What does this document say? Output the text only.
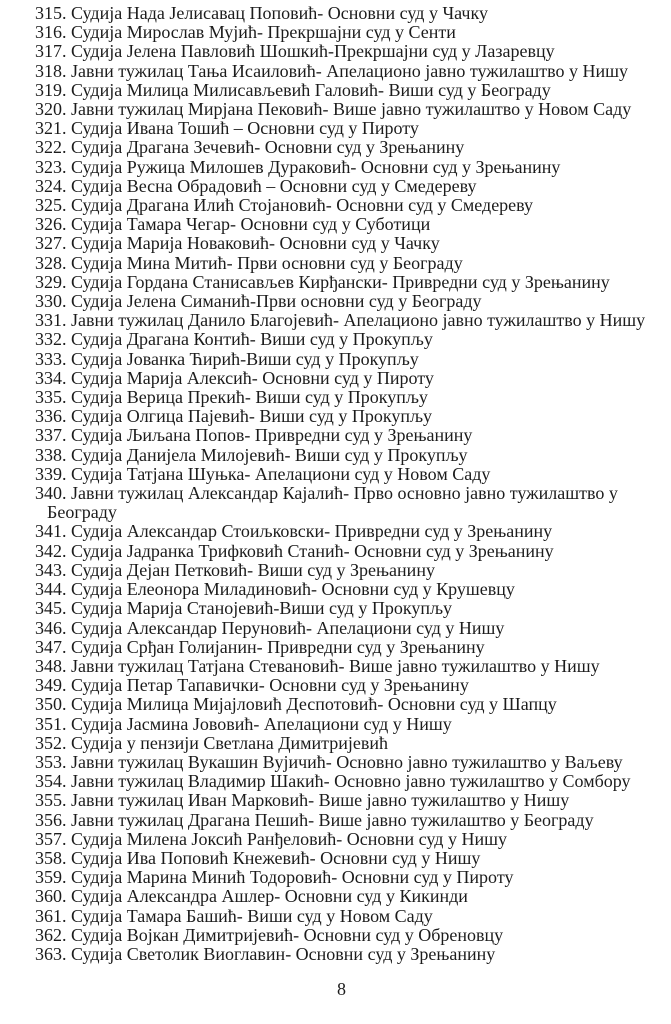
315. Судија Нада Јелисавац Поповић- Основни суд у Чачку
316. Судија Мирослав Мујић- Прекршајни суд у Сенти
317. Судија Јелена Павловић Шошкић-Прекршајни суд у Лазаревцу
318. Јавни тужилац Тања Исаиловић- Апелационо јавно тужилаштво у Нишу
319. Судија Милица Милисављевић Галовић- Виши суд у Београду
320. Јавни тужилац Мирјана Пековић- Више јавно тужилаштво у Новом Саду
321. Судија Ивана Тошић – Основни суд у Пироту
322. Судија Драгана Зечевић- Основни суд у Зрењанину
323. Судија Ружица Милошев Дураковић- Основни суд у Зрењанину
324. Судија Весна Обрадовић – Основни суд у Смедереву
325. Судија Драгана Илић Стојановић- Основни суд у Смедереву
326. Судија Тамара Чегар- Основни суд у Суботици
327. Судија Марија Новаковић- Основни суд у Чачку
328. Судија Мина Митић- Први основни суд у Београду
329. Судија Гордана Станисављев Кирђански- Привредни суд у Зрењанину
330. Судија Јелена Симанић-Први основни суд у Београду
331. Јавни тужилац Данило Благојевић- Апелационо јавно тужилаштво у Нишу
332. Судија Драгана Контић- Виши суд у Прокупљу
333. Судија Јованка Ћирић-Виши суд у Прокупљу
334. Судија Марија Алексић- Основни суд у Пироту
335. Судија Верица Прекић- Виши суд у Прокупљу
336. Судија Олгица Пајевић- Виши суд у Прокупљу
337. Судија Љиљана Попов- Привредни суд у Зрењанину
338. Судија Данијела Милојевић- Виши суд у Прокупљу
339. Судија Татјана Шуњка- Апелациони суд у Новом Саду
340. Јавни тужилац Александар Кајалић- Прво основно јавно тужилаштво у
Београду
341. Судија Александар Стоиљковски- Привредни суд у Зрењанину
342. Судија Јадранка Трифковић Станић- Основни суд у Зрењанину
343. Судија Дејан Петковић- Виши суд у Зрењанину
344. Судија Елеонора Миладиновић- Основни суд у Крушевцу
345. Судија Марија Станојевић-Виши суд у Прокупљу
346. Судија Александар Перуновић- Апелациони суд у Нишу
347. Судија Срђан Голијанин- Привредни суд у Зрењанину
348. Јавни тужилац Татјана Стевановић- Више јавно тужилаштво у Нишу
349. Судија Петар Тапавички- Основни суд у Зрењанину
350. Судија Милица Мијајловић Деспотовић- Основни суд у Шапцу
351. Судија Јасмина Јововић- Апелациони суд у Нишу
352. Судија у пензији Светлана Димитријевић
353. Јавни тужилац Вукашин Вујичић- Основно јавно тужилаштво у Ваљеву
354. Јавни тужилац Владимир Шакић- Основно јавно тужилаштво у Сомбору
355. Јавни тужилац Иван Марковић- Више јавно тужилаштво у Нишу
356. Јавни тужилац Драгана Пешић- Више јавно тужилаштво у Београду
357. Судија Милена Јоксић Ранђеловић- Основни суд у Нишу
358. Судија Ива Поповић Кнежевић- Основни суд у Нишу
359. Судија Марина Минић Тодоровић- Основни суд у Пироту
360. Судија Александра Ашлер- Основни суд у Кикинди
361. Судија Тамара Башић- Виши суд у Новом Саду
362. Судија Војкан Димитријевић- Основни суд у Обреновцу
363. Судија Светолик Виоглавин- Основни суд у Зрењанину
8
